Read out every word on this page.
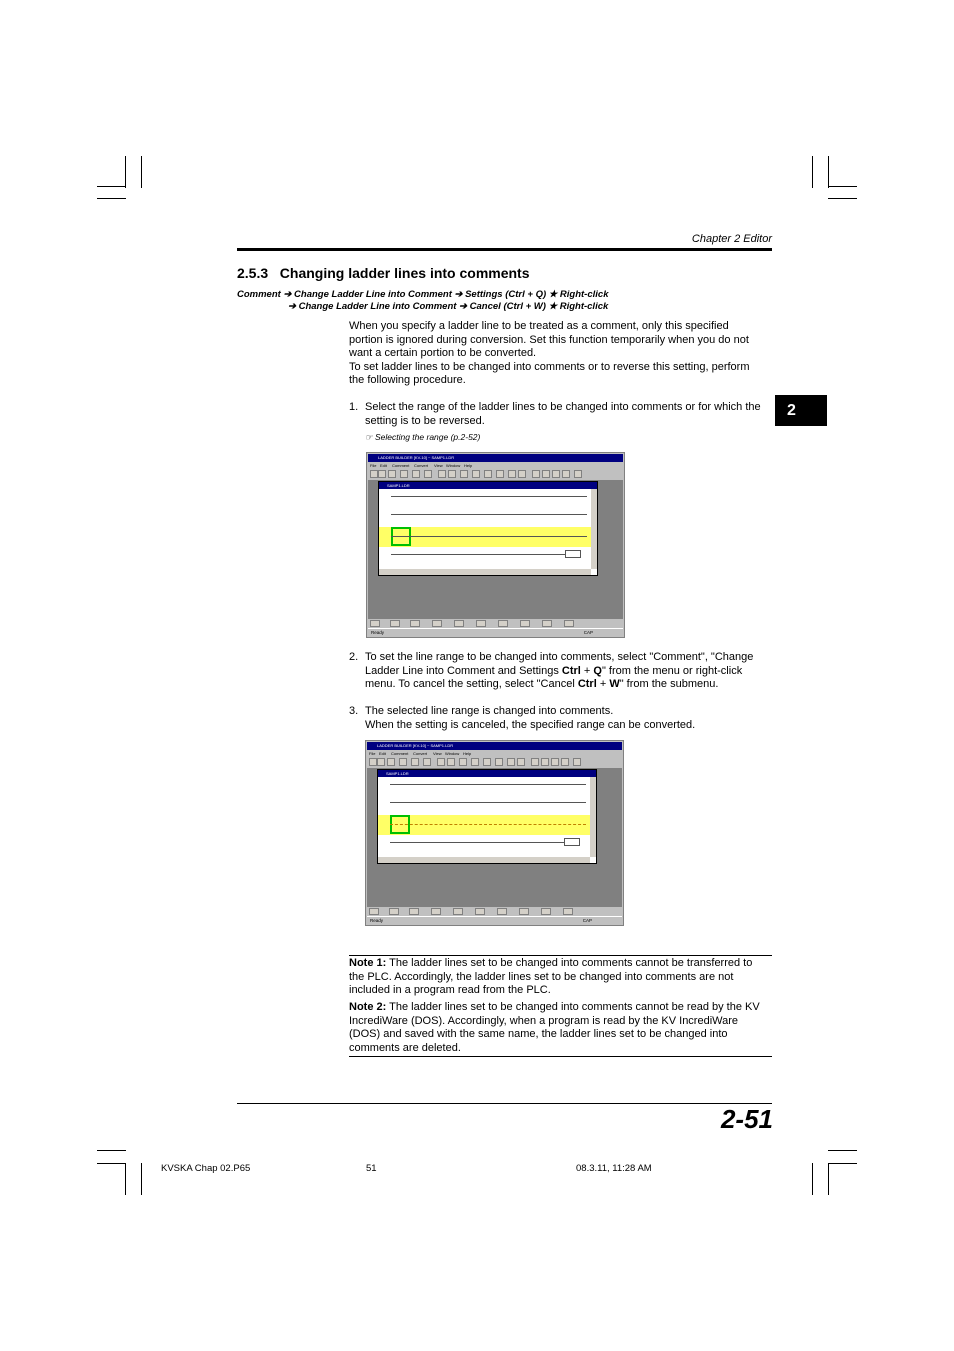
Chapter 2 Editor
2.5.3   Changing ladder lines into comments
Comment ➔ Change Ladder Line into Comment ➔ Settings (Ctrl + Q) ★ Right-click
➔ Change Ladder Line into Comment ➔ Cancel (Ctrl + W) ★ Right-click
When you specify a ladder line to be treated as a comment, only this specified
portion is ignored during conversion. Set this function temporarily when you do not
want a certain portion to be converted.
To set ladder lines to be changed into comments or to reverse this setting, perform
the following procedure.
2
1. Select the range of the ladder lines to be changed into comments or for which the
setting is to be reversed.
☞ Selecting the range (p.2-52)
LADDER BUILDER [KV-10] ~ SAMP1.LDR
File Edit Comment Convert View Window Help
SAMP1.LDR
Ready	CAP
2. To set the line range to be changed into comments, select "Comment", "Change
Ladder Line into Comment and Settings Ctrl + Q" from the menu or right-click
menu. To cancel the setting, select "Cancel Ctrl + W" from the submenu.
3. The selected line range is changed into comments.
When the setting is canceled, the specified range can be converted.
LADDER BUILDER [KV-10] ~ SAMP1.LDR
File Edit Comment Convert View Window Help
SAMP1.LDR
Ready	CAP
Note 1: The ladder lines set to be changed into comments cannot be transferred to
the PLC. Accordingly, the ladder lines set to be changed into comments are not
included in a program read from the PLC.
Note 2: The ladder lines set to be changed into comments cannot be read by the KV
IncrediWare (DOS). Accordingly, when a program is read by the KV IncrediWare
(DOS) and saved with the same name, the ladder lines set to be changed into
comments are deleted.
2-51
KVSKA Chap 02.P65	51	08.3.11, 11:28 AM
